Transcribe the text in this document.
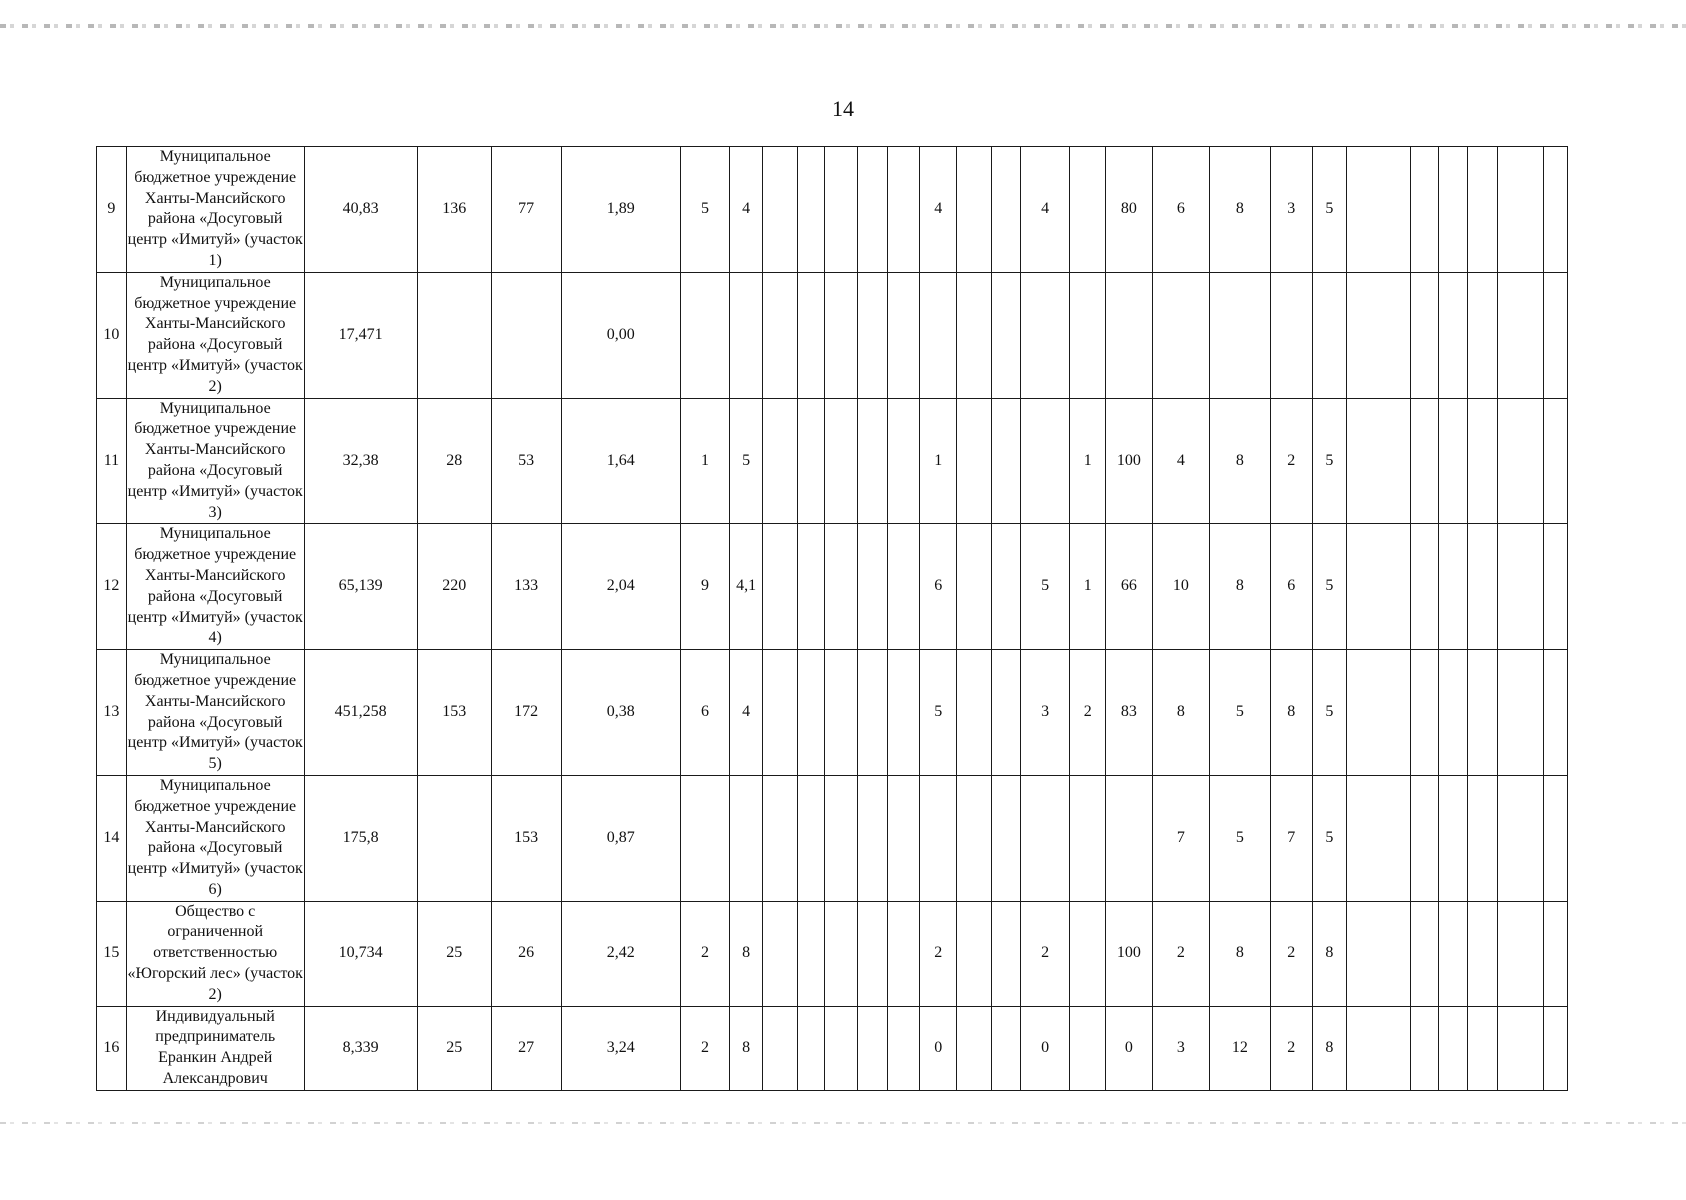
14
9	Муниципальное бюджетное учреждение Ханты-Мансийского района «Досуговый центр «Имитуй» (участок 1)	40,83	136	77	1,89	5	4						4			4		80	6	8	3	5						
10	Муниципальное бюджетное учреждение Ханты-Мансийского района «Досуговый центр «Имитуй» (участок 2)	17,471			0,00																							
11	Муниципальное бюджетное учреждение Ханты-Мансийского района «Досуговый центр «Имитуй» (участок 3)	32,38	28	53	1,64	1	5						1				1	100	4	8	2	5						
12	Муниципальное бюджетное учреждение Ханты-Мансийского района «Досуговый центр «Имитуй» (участок 4)	65,139	220	133	2,04	9	4,1						6			5	1	66	10	8	6	5						
13	Муниципальное бюджетное учреждение Ханты-Мансийского района «Досуговый центр «Имитуй» (участок 5)	451,258	153	172	0,38	6	4						5			3	2	83	8	5	8	5						
14	Муниципальное бюджетное учреждение Ханты-Мансийского района «Досуговый центр «Имитуй» (участок 6)	175,8		153	0,87														7	5	7	5						
15	Общество с ограниченной ответственностью «Югорский лес» (участок 2)	10,734	25	26	2,42	2	8						2			2		100	2	8	2	8						
16	Индивидуальный предприниматель Еранкин Андрей Александрович	8,339	25	27	3,24	2	8						0			0		0	3	12	2	8						
